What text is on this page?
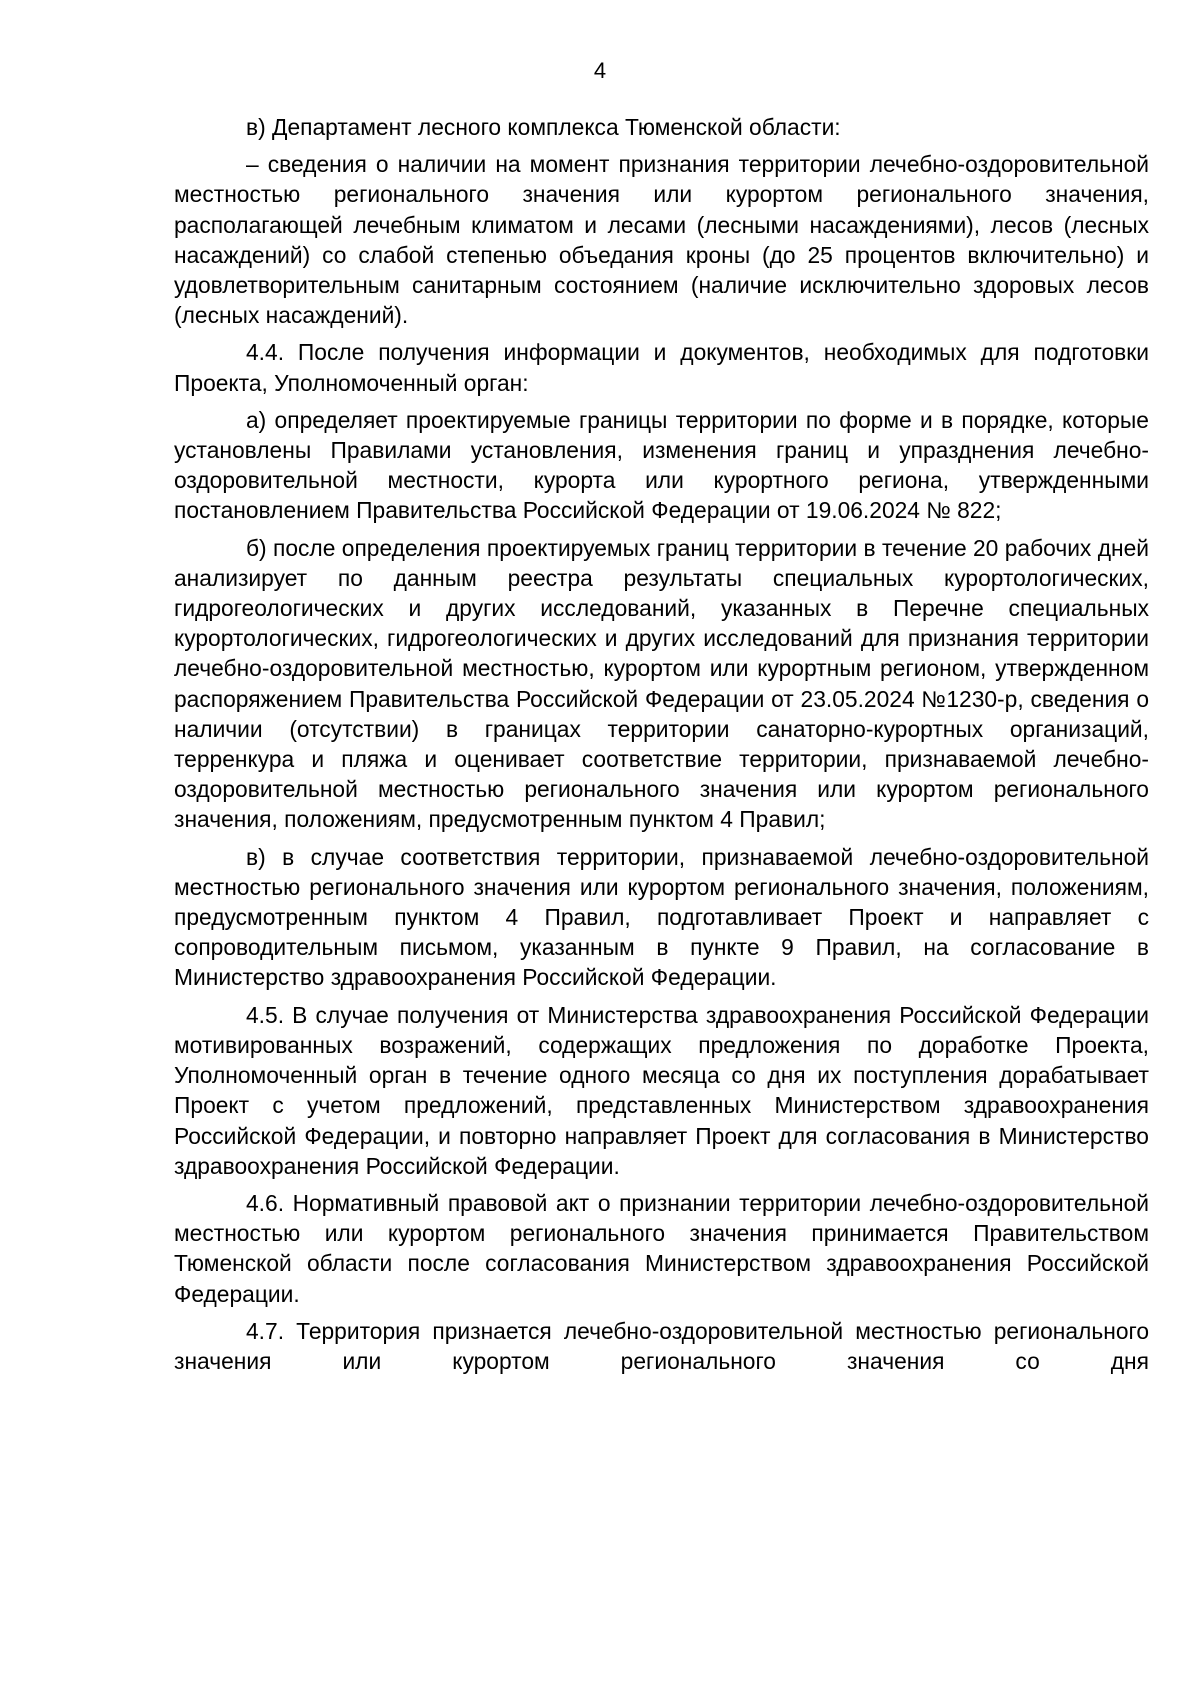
4

в) Департамент лесного комплекса Тюменской области:

– сведения о наличии на момент признания территории лечебно-оздоровительной местностью регионального значения или курортом регионального значения, располагающей лечебным климатом и лесами (лесными насаждениями), лесов (лесных насаждений) со слабой степенью объедания кроны (до 25 процентов включительно) и удовлетворительным санитарным состоянием (наличие исключительно здоровых лесов (лесных насаждений).

4.4. После получения информации и документов, необходимых для подготовки Проекта, Уполномоченный орган:

а) определяет проектируемые границы территории по форме и в порядке, которые установлены Правилами установления, изменения границ и упразднения лечебно-оздоровительной местности, курорта или курортного региона, утвержденными постановлением Правительства Российской Федерации от 19.06.2024 № 822;

б) после определения проектируемых границ территории в течение 20 рабочих дней анализирует по данным реестра результаты специальных курортологических, гидрогеологических и других исследований, указанных в Перечне специальных курортологических, гидрогеологических и других исследований для признания территории лечебно-оздоровительной местностью, курортом или курортным регионом, утвержденном распоряжением Правительства Российской Федерации от 23.05.2024 №1230-р, сведения о наличии (отсутствии) в границах территории санаторно-курортных организаций, терренкура и пляжа и оценивает соответствие территории, признаваемой лечебно-оздоровительной местностью регионального значения или курортом регионального значения, положениям, предусмотренным пунктом 4 Правил;

в) в случае соответствия территории, признаваемой лечебно-оздоровительной местностью регионального значения или курортом регионального значения, положениям, предусмотренным пунктом 4 Правил, подготавливает Проект и направляет с сопроводительным письмом, указанным в пункте 9 Правил, на согласование в Министерство здравоохранения Российской Федерации.

4.5. В случае получения от Министерства здравоохранения Российской Федерации мотивированных возражений, содержащих предложения по доработке Проекта, Уполномоченный орган в течение одного месяца со дня их поступления дорабатывает Проект с учетом предложений, представленных Министерством здравоохранения Российской Федерации, и повторно направляет Проект для согласования в Министерство здравоохранения Российской Федерации.

4.6. Нормативный правовой акт о признании территории лечебно-оздоровительной местностью или курортом регионального значения принимается Правительством Тюменской области после согласования Министерством здравоохранения Российской Федерации.

4.7. Территория признается лечебно-оздоровительной местностью регионального значения или курортом регионального значения со дня
